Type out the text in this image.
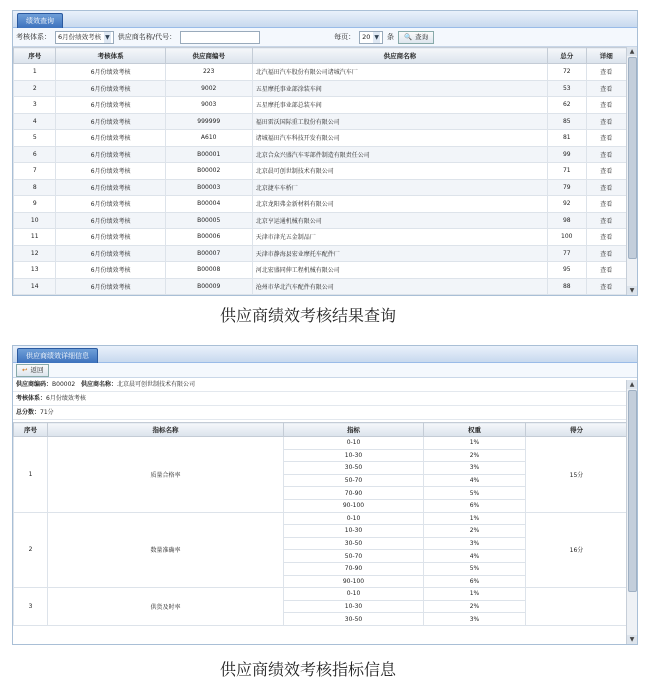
绩效查询
考核体系： 6月份绩效考核 ▼ 供应商名称/代号：	每页： 20 ▼ 条 🔍 查询
序号	考核体系	供应商编号	供应商名称	总分	详细
1	6月份绩效考核	223	北汽福田汽车股份有限公司诸城汽车厂	72	查看
2	6月份绩效考核	9002	五星摩托事业部涂装车间	53	查看
3	6月份绩效考核	9003	五星摩托事业部总装车间	62	查看
4	6月份绩效考核	999999	福田雷沃国际重工股份有限公司	85	查看
5	6月份绩效考核	A610	诸城福田汽车科技开发有限公司	81	查看
6	6月份绩效考核	B00001	北京合众兴盛汽车零部件制造有限责任公司	99	查看
7	6月份绩效考核	B00002	北京晨可创世制技术有限公司	71	查看
8	6月份绩效考核	B00003	北京捷车车桥厂	79	查看
9	6月份绩效考核	B00004	北京龙阳弗金新材料有限公司	92	查看
10	6月份绩效考核	B00005	北京亨运通机械有限公司	98	查看
11	6月份绩效考核	B00006	天津市津光五金制品厂	100	查看
12	6月份绩效考核	B00007	天津市静海县宏业摩托车配件厂	77	查看
13	6月份绩效考核	B00008	河北宏盛同伸工程机械有限公司	95	查看
14	6月份绩效考核	B00009	沧州市华北汽车配件有限公司	88	查看
▲
▼
供应商绩效考核结果查询
供应商绩效详细信息
↩ 返回
供应商编码：B00002 供应商名称：北京晨可创世制技术有限公司
考核体系：6月份绩效考核
总分数：71分
序号	指标名称	指标	权重	得分
1	质量合格率	0-10	1%	15分
		10-30	2%	
		30-50	3%	
		50-70	4%	
		70-90	5%	
		90-100	6%	
2	数量准确率	0-10	1%	16分
		10-30	2%	
		30-50	3%	
		50-70	4%	
		70-90	5%	
		90-100	6%	
3	供货及时率	0-10	1%	
		10-30	2%	
		30-50	3%	
▲
▼
供应商绩效考核指标信息
